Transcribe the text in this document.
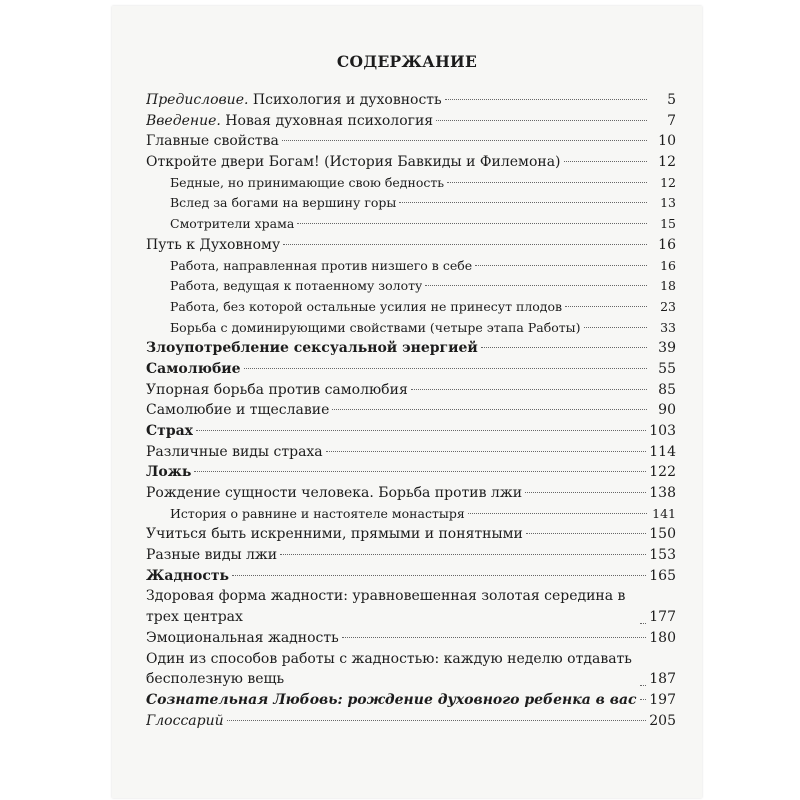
СОДЕРЖАНИЕ
Предисловие. Психология и духовность	5
Введение. Новая духовная психология	7
Главные свойства	10
Откройте двери Богам! (История Бавкиды и Филемона)	12
Бедные, но принимающие свою бедность	12
Вслед за богами на вершину горы	13
Смотрители храма	15
Путь к Духовному	16
Работа, направленная против низшего в себе	16
Работа, ведущая к потаенному золоту	18
Работа, без которой остальные усилия не принесут плодов	23
Борьба с доминирующими свойствами (четыре этапа Работы)	33
Злоупотребление сексуальной энергией	39
Самолюбие	55
Упорная борьба против самолюбия	85
Самолюбие и тщеславие	90
Страх	103
Различные виды страха	114
Ложь	122
Рождение сущности человека. Борьба против лжи	138
История о равнине и настоятеле монастыря	141
Учиться быть искренними, прямыми и понятными	150
Разные виды лжи	153
Жадность	165
Здоровая форма жадности: уравновешенная золотая середина в трех центрах	177
Эмоциональная жадность	180
Один из способов работы с жадностью: каждую неделю отдавать бесполезную вещь	187
Сознательная Любовь: рождение духовного ребенка в вас 197
Глоссарий	205
